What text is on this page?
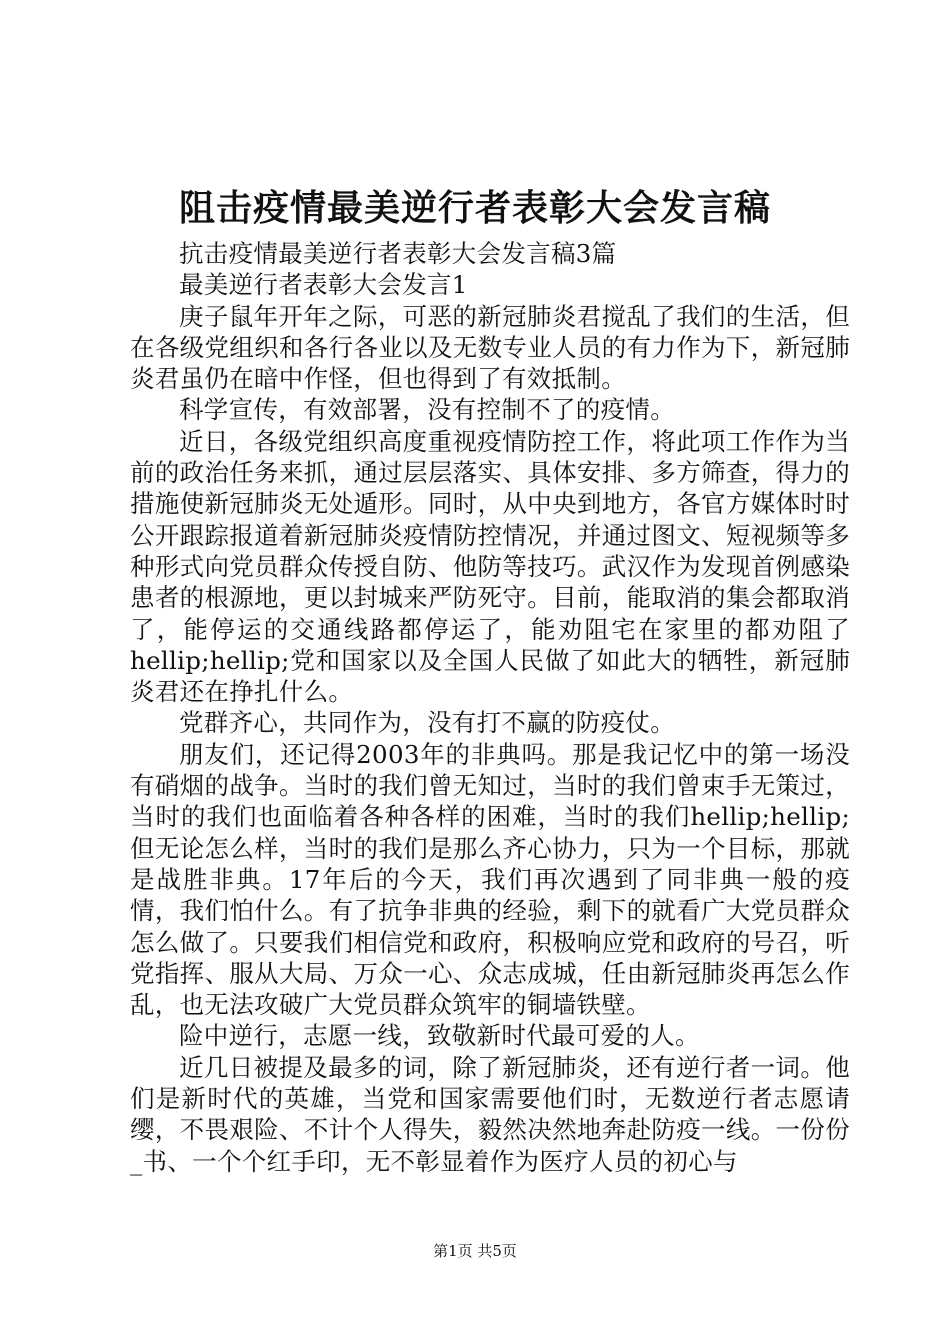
阻击疫情最美逆行者表彰大会发言稿

抗击疫情最美逆行者表彰大会发言稿3篇

最美逆行者表彰大会发言1

庚子鼠年开年之际，可恶的新冠肺炎君搅乱了我们的生活，但在各级党组织和各行各业以及无数专业人员的有力作为下，新冠肺炎君虽仍在暗中作怪，但也得到了有效抵制。

科学宣传，有效部署，没有控制不了的疫情。

近日，各级党组织高度重视疫情防控工作，将此项工作作为当前的政治任务来抓，通过层层落实、具体安排、多方筛查，得力的措施使新冠肺炎无处遁形。同时，从中央到地方，各官方媒体时时公开跟踪报道着新冠肺炎疫情防控情况，并通过图文、短视频等多种形式向党员群众传授自防、他防等技巧。武汉作为发现首例感染患者的根源地，更以封城来严防死守。目前，能取消的集会都取消了，能停运的交通线路都停运了，能劝阻宅在家里的都劝阻了hellip;hellip;党和国家以及全国人民做了如此大的牺牲，新冠肺炎君还在挣扎什么。

党群齐心，共同作为，没有打不赢的防疫仗。

朋友们，还记得2003年的非典吗。那是我记忆中的第一场没有硝烟的战争。当时的我们曾无知过，当时的我们曾束手无策过，当时的我们也面临着各种各样的困难，当时的我们hellip;hellip;但无论怎么样，当时的我们是那么齐心协力，只为一个目标，那就是战胜非典。17年后的今天，我们再次遇到了同非典一般的疫情，我们怕什么。有了抗争非典的经验，剩下的就看广大党员群众怎么做了。只要我们相信党和政府，积极响应党和政府的号召，听党指挥、服从大局、万众一心、众志成城，任由新冠肺炎再怎么作乱，也无法攻破广大党员群众筑牢的铜墙铁壁。

险中逆行，志愿一线，致敬新时代最可爱的人。

近几日被提及最多的词，除了新冠肺炎，还有逆行者一词。他们是新时代的英雄，当党和国家需要他们时，无数逆行者志愿请缨，不畏艰险、不计个人得失，毅然决然地奔赴防疫一线。一份份_书、一个个红手印，无不彰显着作为医疗人员的初心与

第1页 共5页
